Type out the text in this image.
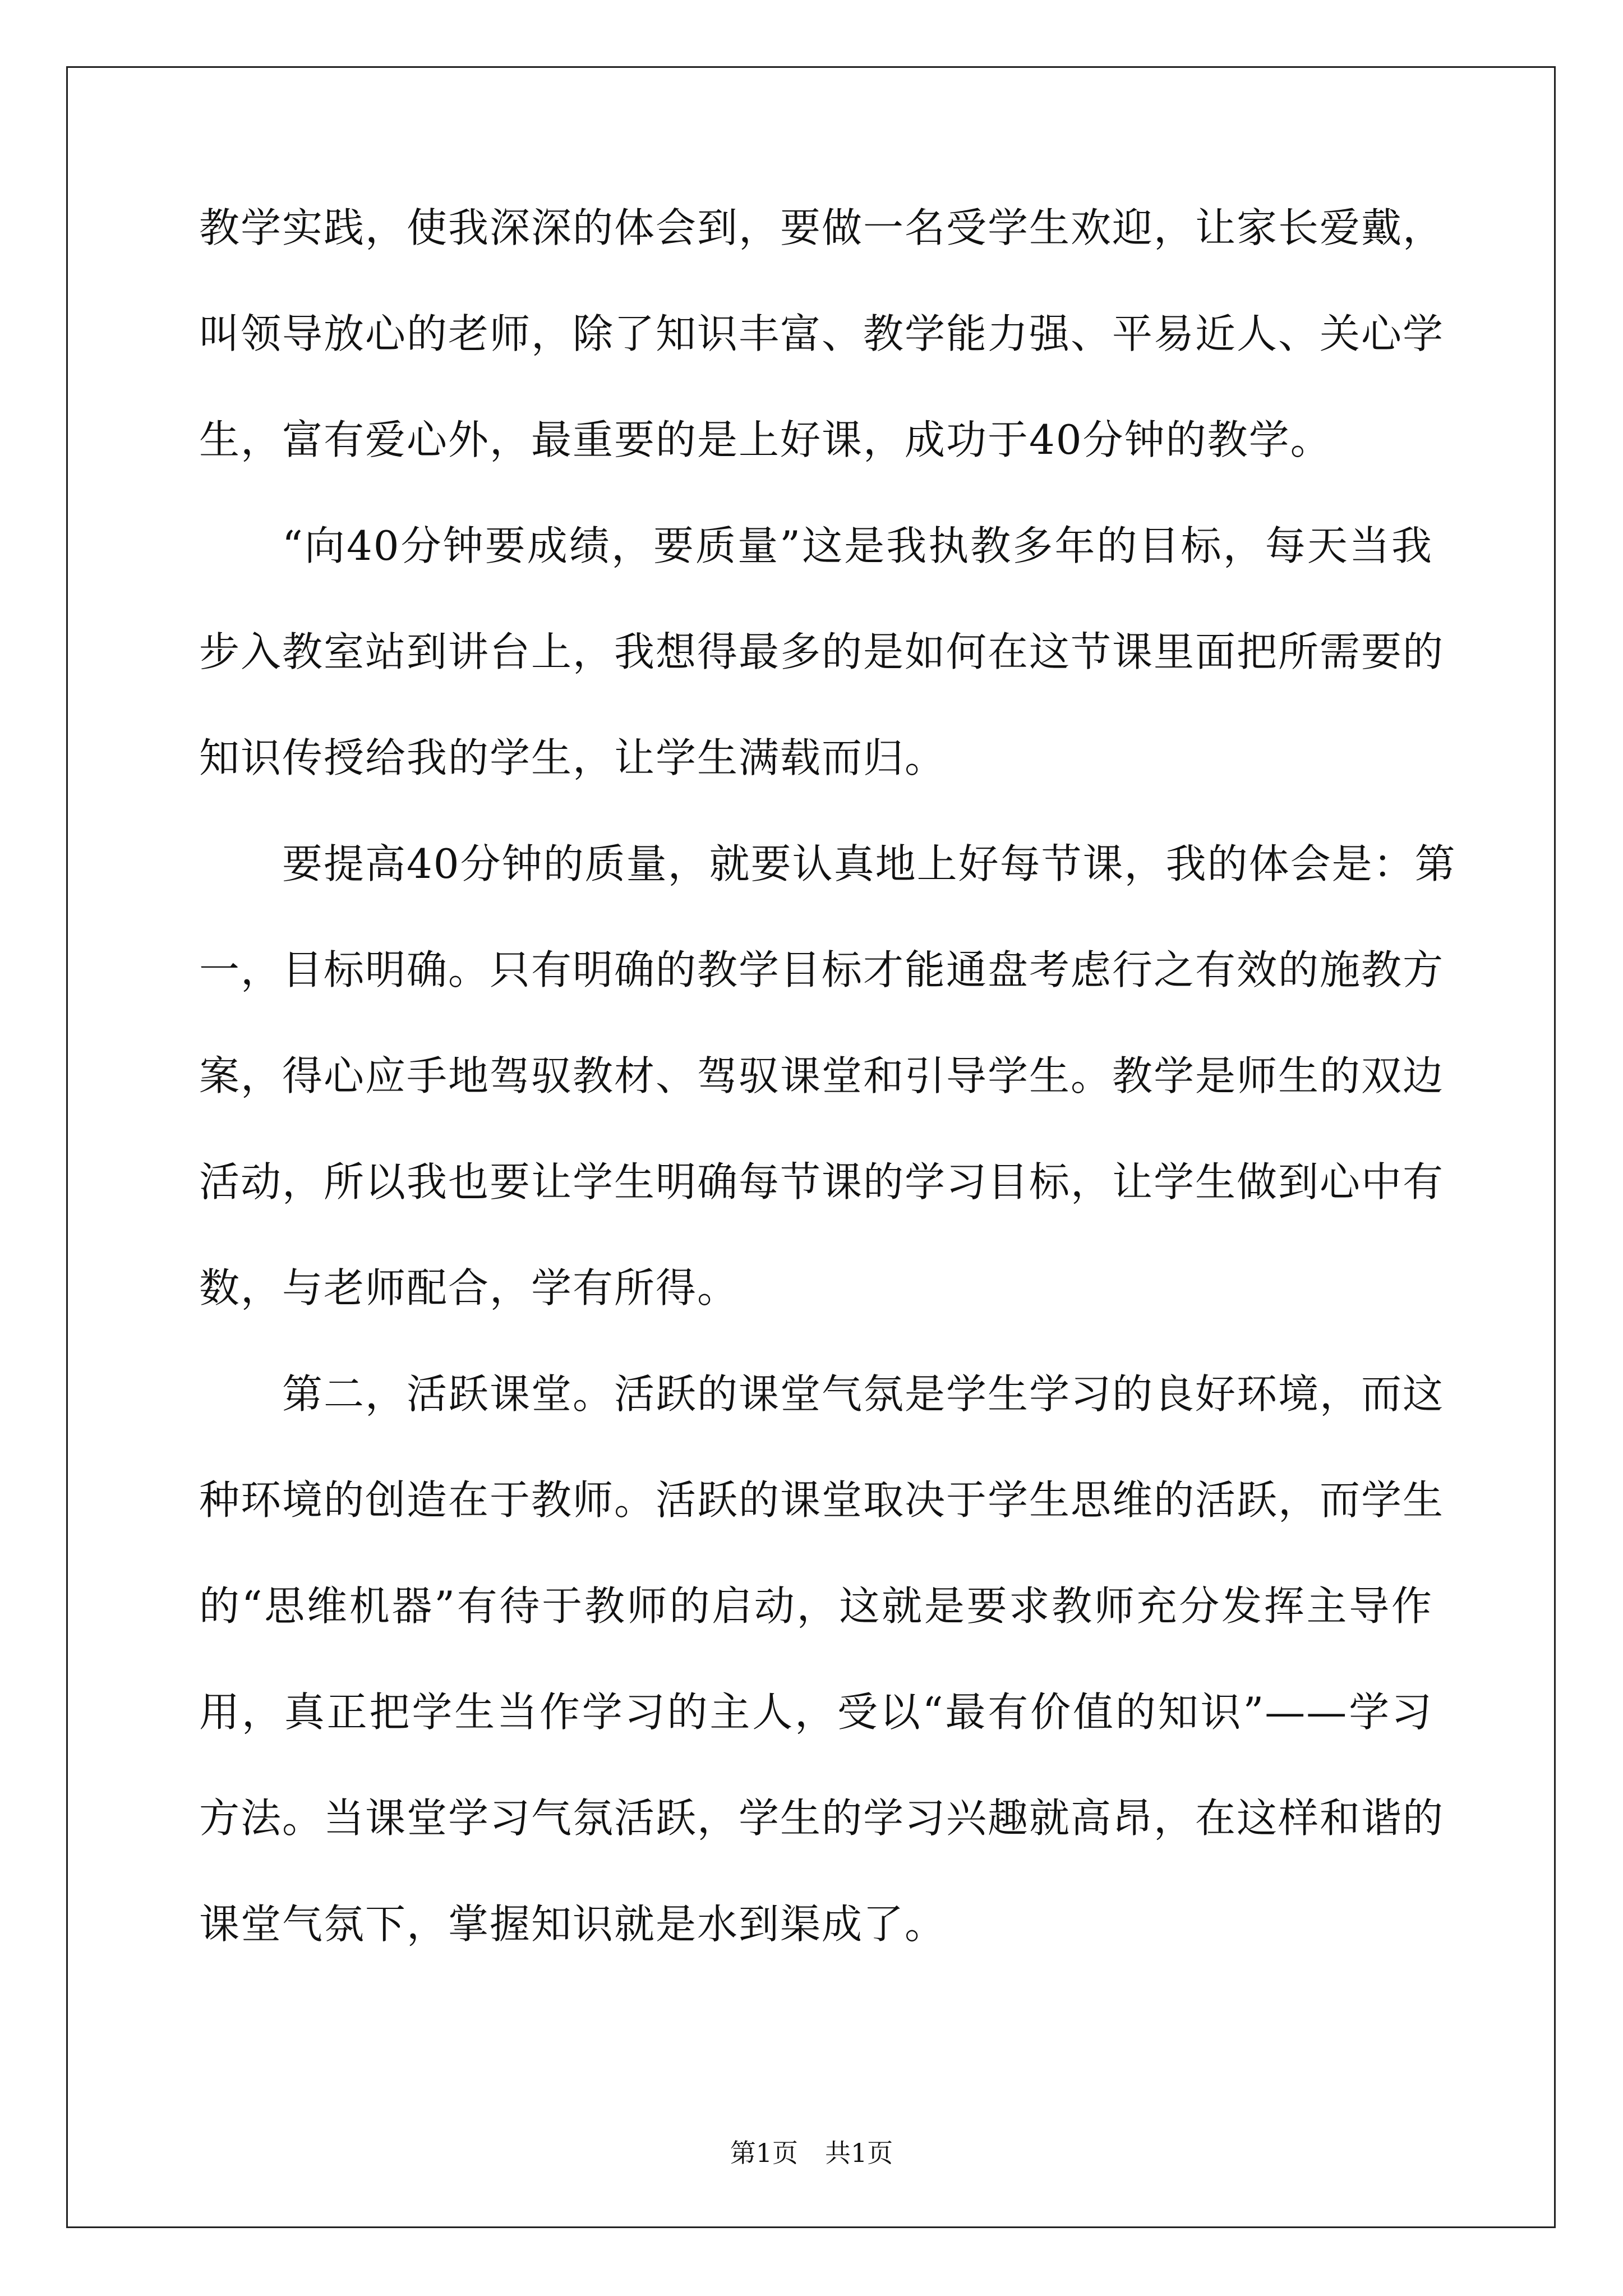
教学实践，使我深深的体会到，要做一名受学生欢迎，让家长爱戴，
叫领导放心的老师，除了知识丰富、教学能力强、平易近人、关心学
生，富有爱心外，最重要的是上好课，成功于40分钟的教学。
“向40分钟要成绩，要质量”这是我执教多年的目标，每天当我
步入教室站到讲台上，我想得最多的是如何在这节课里面把所需要的
知识传授给我的学生，让学生满载而归。
要提高40分钟的质量，就要认真地上好每节课，我的体会是：第
一，目标明确。只有明确的教学目标才能通盘考虑行之有效的施教方
案，得心应手地驾驭教材、驾驭课堂和引导学生。教学是师生的双边
活动，所以我也要让学生明确每节课的学习目标，让学生做到心中有
数，与老师配合，学有所得。
第二，活跃课堂。活跃的课堂气氛是学生学习的良好环境，而这
种环境的创造在于教师。活跃的课堂取决于学生思维的活跃，而学生
的“思维机器”有待于教师的启动，这就是要求教师充分发挥主导作
用，真正把学生当作学习的主人，受以“最有价值的知识”——学习
方法。当课堂学习气氛活跃，学生的学习兴趣就高昂，在这样和谐的
课堂气氛下，掌握知识就是水到渠成了。
第1页 共1页
